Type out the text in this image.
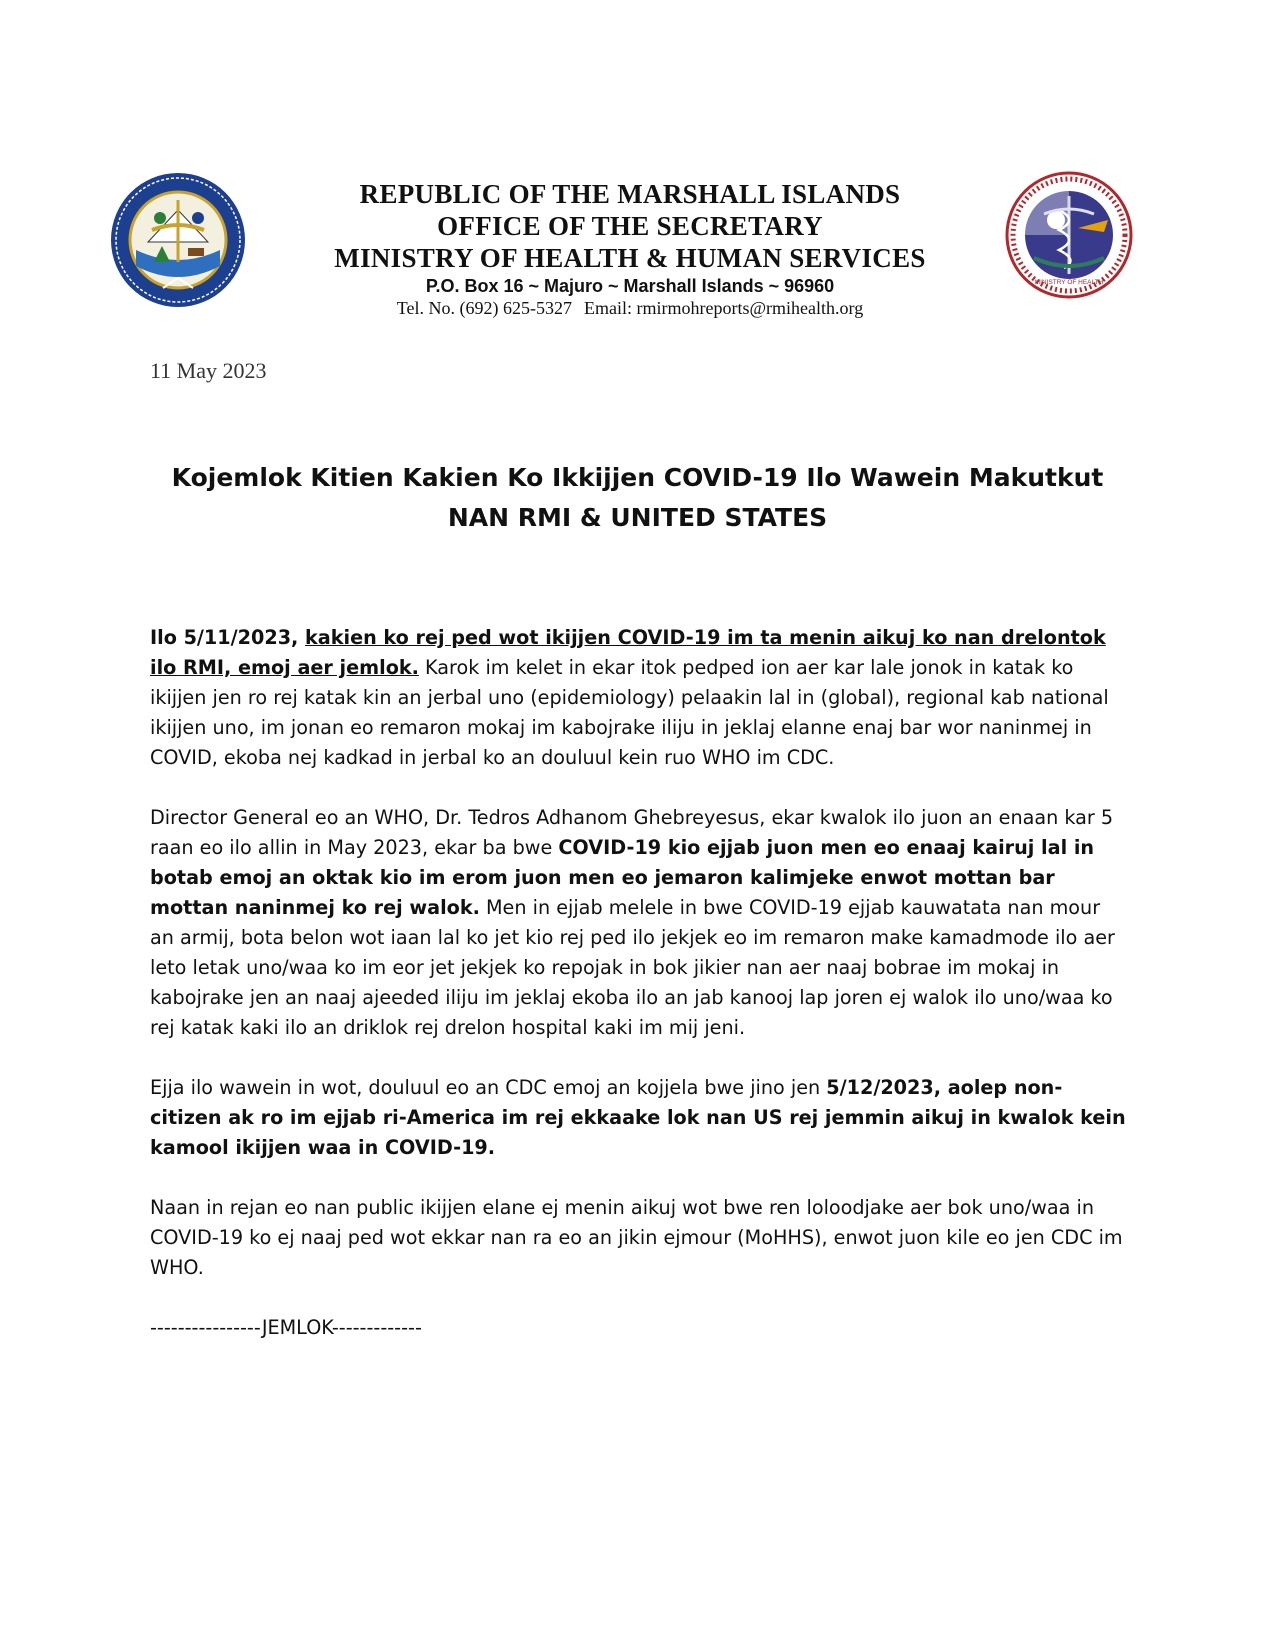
REPUBLIC OF THE MARSHALL ISLANDS
OFFICE OF THE SECRETARY
MINISTRY OF HEALTH & HUMAN SERVICES
P.O. Box 16 ~ Majuro ~ Marshall Islands ~ 96960
Tel. No. (692) 625-5327 Email: rmirmohreports@rmihealth.org
MINISTRY OF HEALTH
11 May 2023
Kojemlok Kitien Kakien Ko Ikkijjen COVID-19 Ilo Wawein Makutkut
NAN RMI & UNITED STATES

Ilo 5/11/2023, kakien ko rej ped wot ikijjen COVID-19 im ta menin aikuj ko nan drelontok ilo RMI, emoj aer jemlok. Karok im kelet in ekar itok pedped ion aer kar lale jonok in katak ko ikijjen jen ro rej katak kin an jerbal uno (epidemiology) pelaakin lal in (global), regional kab national ikijjen uno, im jonan eo remaron mokaj im kabojrake iliju in jeklaj elanne enaj bar wor naninmej in COVID, ekoba nej kadkad in jerbal ko an douluul kein ruo WHO im CDC.

Director General eo an WHO, Dr. Tedros Adhanom Ghebreyesus, ekar kwalok ilo juon an enaan kar 5 raan eo ilo allin in May 2023, ekar ba bwe COVID-19 kio ejjab juon men eo enaaj kairuj lal in botab emoj an oktak kio im erom juon men eo jemaron kalimjeke enwot mottan bar mottan naninmej ko rej walok. Men in ejjab melele in bwe COVID-19 ejjab kauwatata nan mour an armij, bota belon wot iaan lal ko jet kio rej ped ilo jekjek eo im remaron make kamadmode ilo aer leto letak uno/waa ko im eor jet jekjek ko repojak in bok jikier nan aer naaj bobrae im mokaj in kabojrake jen an naaj ajeeded iliju im jeklaj ekoba ilo an jab kanooj lap joren ej walok ilo uno/waa ko rej katak kaki ilo an driklok rej drelon hospital kaki im mij jeni.

Ejja ilo wawein in wot, douluul eo an CDC emoj an kojjela bwe jino jen 5/12/2023, aolep non-citizen ak ro im ejjab ri-America im rej ekkaake lok nan US rej jemmin aikuj in kwalok kein kamool ikijjen waa in COVID-19.

Naan in rejan eo nan public ikijjen elane ej menin aikuj wot bwe ren loloodjake aer bok uno/waa in COVID-19 ko ej naaj ped wot ekkar nan ra eo an jikin ejmour (MoHHS), enwot juon kile eo jen CDC im WHO.

----------------JEMLOK-------------
